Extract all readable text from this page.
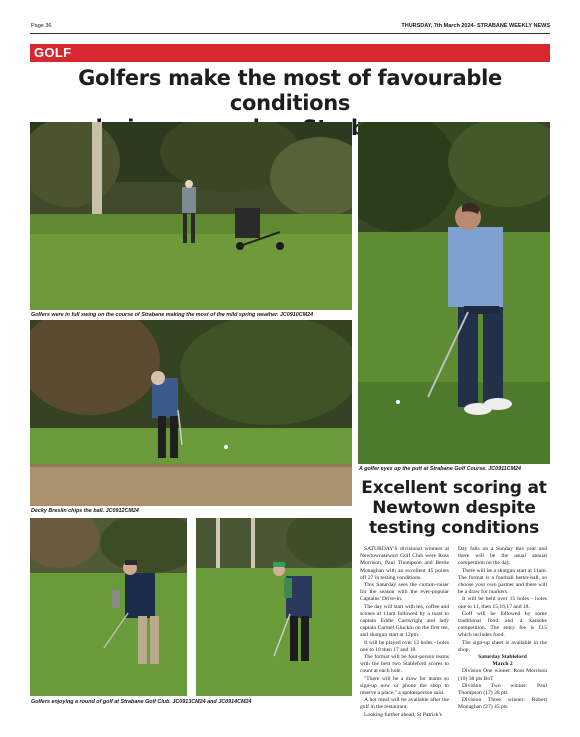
Page 36	THURSDAY, 7th March 2024- STRABANE WEEKLY NEWS
GOLF
Golfers make the most of favourable conditions
Strabane
Golfers were in full swing on the course of Strabane making the most of the mild spring weather. JC0910CM24
A golfer eyes up the putt at Strabane Golf Course. JC0911CM24
Decky Breslin chips the ball. JC0912CM24
Golfers enjoying a round of golf at Strabane Golf Club. JC0913CM24 and JC0914CM24
Excellent scoring at
Newtown despite
testing conditions

SATURDAY'S divisional winners at Newtownstewart Golf Club were Ross Morrison, Paul Thompson and Bertie Monaghan with an excellent 45 points off 27 in testing conditions.

This Saturday sees the curtain-raiser for the season with the ever-popular Captains' Drive-in.

The day will start with tea, coffee and scones at 11am followed by a toast to captain Eddie Cartwright and lady captain Carmel Gluckin on the first tee, and shotgun start at 12pm.

It will be played over 12 holes - holes one to 10 then 17 and 18.

The format will be four-person teams with the best two Stableford scores to count at each hole.

"There will be a draw for teams so sign-up now or phone the shop to reserve a place," a spokesperson said.

A hot meal will be available after the golf in the restaurant.

Looking further ahead, St Patrick's

Day falls on a Sunday this year and there will be the usual annual competition on the day.

There will be a shotgun start at 11am. The format is a fourball better-ball, so choose your own partner and there will be a draw for markers.

It will be held over 15 holes - holes one to 11, then 15,16,17 and 18.

Golf will be followed by some traditional food and a karaoke competition. The entry fee is £15 which includes food.

The sign-up sheet is available in the shop.

Saturday Stableford

March 2

Division One winner: Ross Morrison (10) 38 pts BoT

Division Two winner: Paul Thompson (17) 38 pts

Division Three winner: Robert Monaghan (27) 45 pts
